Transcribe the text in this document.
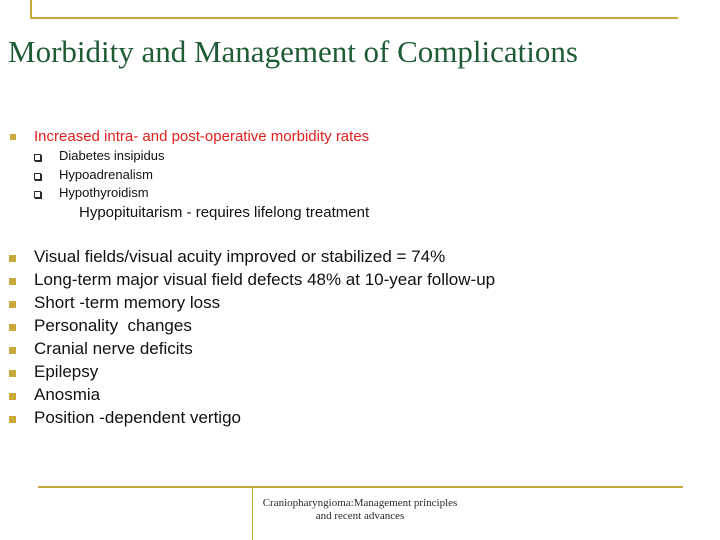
Morbidity and Management of Complications
Increased intra- and post-operative morbidity rates
Diabetes insipidus
Hypoadrenalism
Hypothyroidism
Hypopituitarism - requires lifelong treatment
Visual fields/visual acuity improved or stabilized = 74%
Long-term major visual field defects 48% at 10-year follow-up
Short -term memory loss
Personality  changes
Cranial nerve deficits
Epilepsy
Anosmia
Position -dependent vertigo
Craniopharyngioma:Management principles
and recent advances
